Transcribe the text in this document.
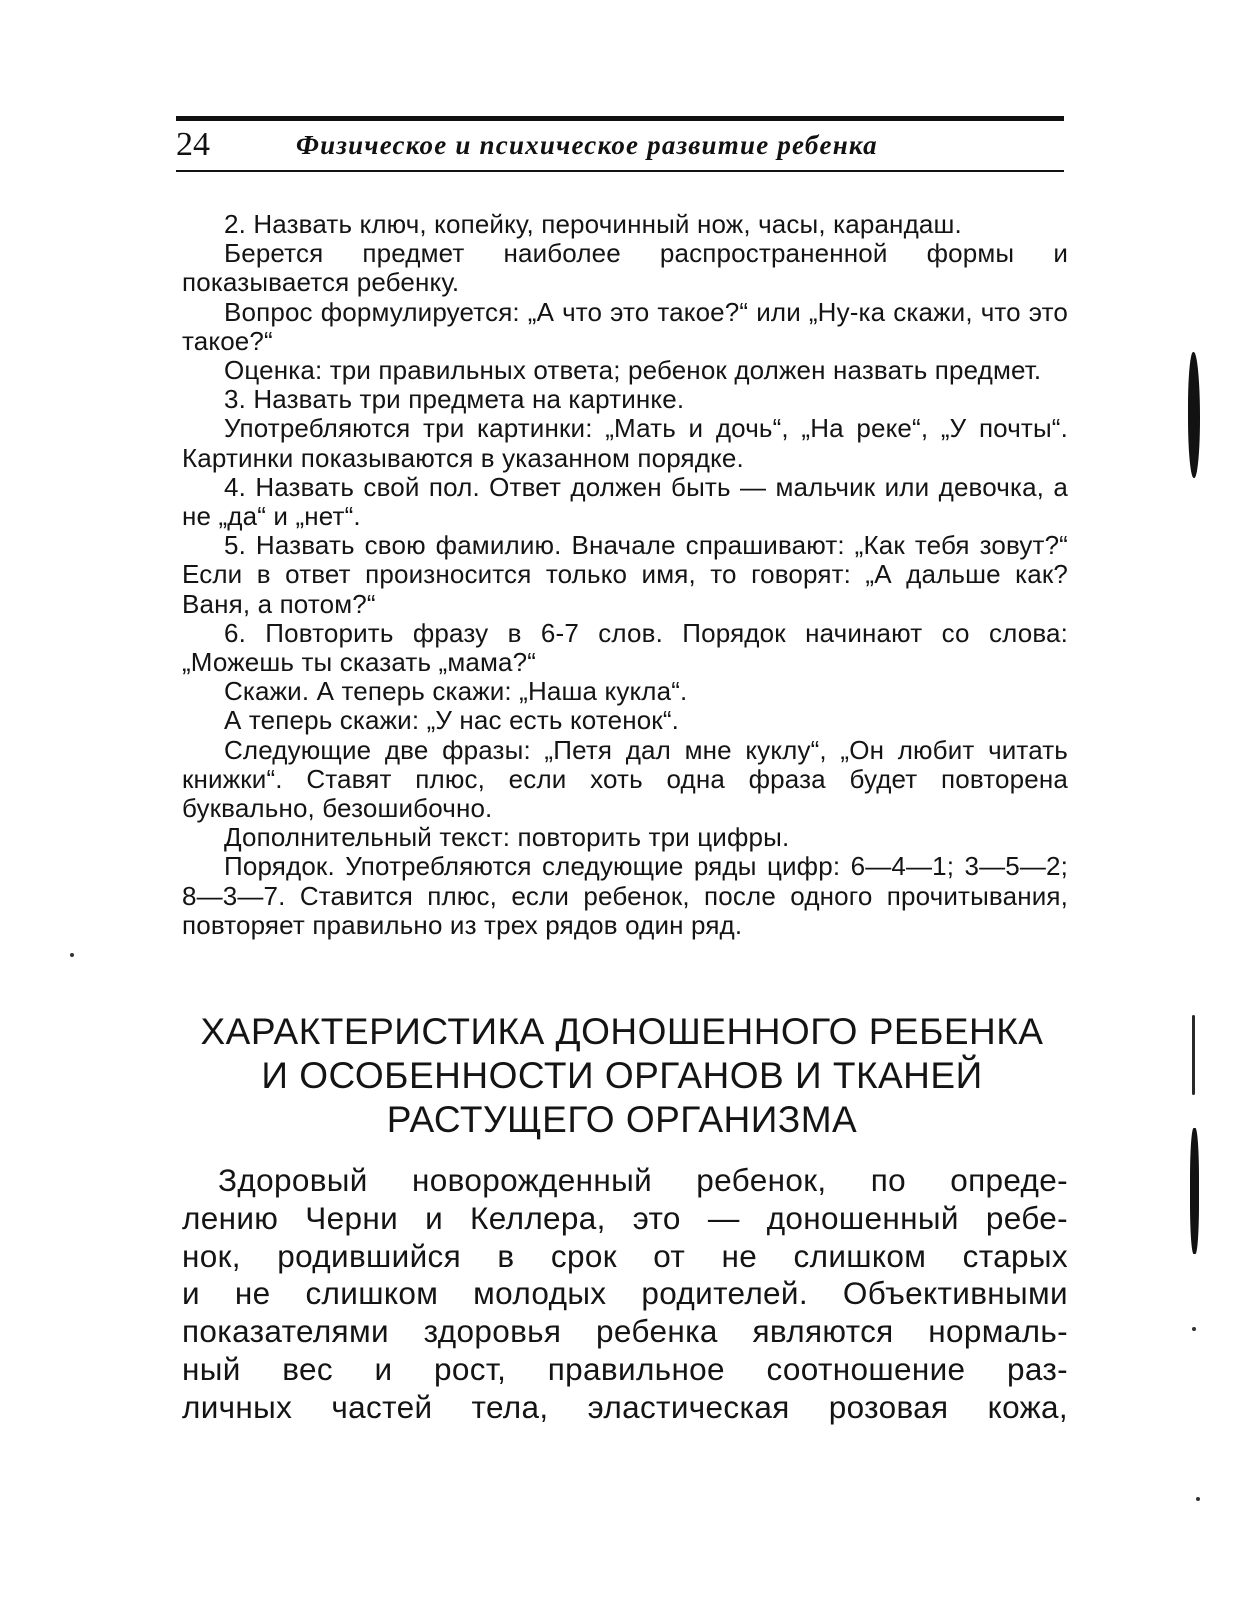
24	Физическое и психическое развитие ребенка

2. Назвать ключ, копейку, перочинный нож, часы, карандаш.

Берется предмет наиболее распространенной формы и показывается ребенку.

Вопрос формулируется: „А что это такое?“ или „Ну-ка скажи, что это такое?“

Оценка: три правильных ответа; ребенок должен назвать предмет.

3. Назвать три предмета на картинке.

Употребляются три картинки: „Мать и дочь“, „На реке“, „У почты“. Картинки показываются в указанном порядке.

4. Назвать свой пол. Ответ должен быть — мальчик или девочка, а не „да“ и „нет“.

5. Назвать свою фамилию. Вначале спрашивают: „Как тебя зовут?“ Если в ответ произносится только имя, то говорят: „А дальше как? Ваня, а потом?“

6. Повторить фразу в 6-7 слов. Порядок начинают со слова: „Можешь ты сказать „мама?“

Скажи. А теперь скажи: „Наша кукла“.

А теперь скажи: „У нас есть котенок“.

Следующие две фразы: „Петя дал мне куклу“, „Он любит читать книжки“. Ставят плюс, если хоть одна фраза будет повторена буквально, безошибочно.

Дополнительный текст: повторить три цифры.

Порядок. Употребляются следующие ряды цифр: 6—4—1; 3—5—2; 8—3—7. Ставится плюс, если ребенок, после одного прочитывания, повторяет правильно из трех рядов один ряд.

ХАРАКТЕРИСТИКА ДОНОШЕННОГО РЕБЕНКА
И ОСОБЕННОСТИ ОРГАНОВ И ТКАНЕЙ
РАСТУЩЕГО ОРГАНИЗМА

Здоровый новорожденный ребенок, по опреде-

лению Черни и Келлера, это — доношенный ребе-

нок, родившийся в срок от не слишком старых

и не слишком молодых родителей. Объективными

показателями здоровья ребенка являются нормаль-

ный вес и рост, правильное соотношение раз-

личных частей тела, эластическая розовая кожа,
